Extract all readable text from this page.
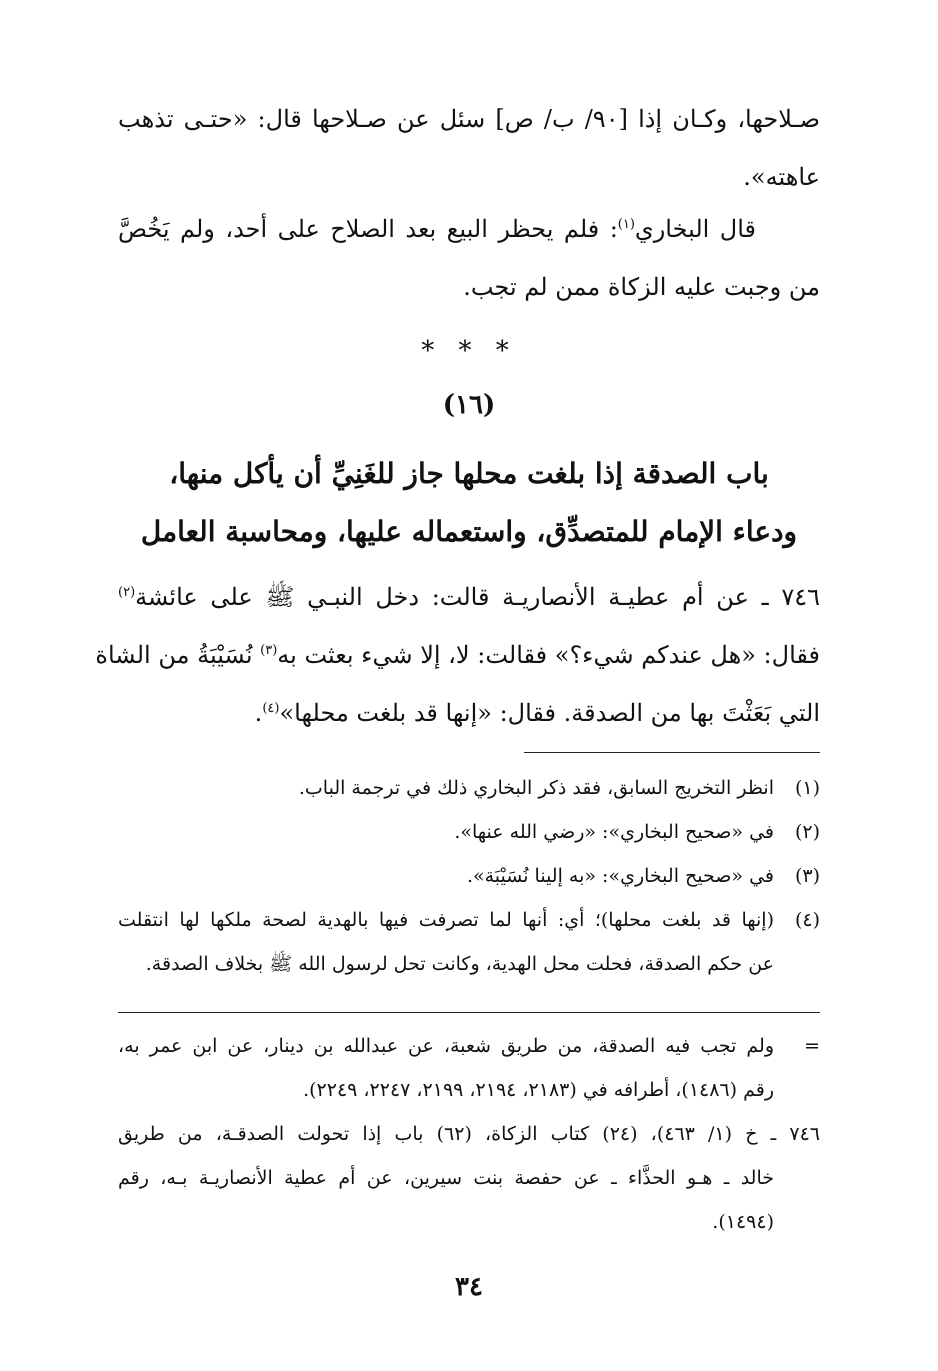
صـلاحها، وكـان إذا [٩٠/ ب/ ص] سئل عن صـلاحها قال: «حتـى تذهب
عاهته».
قال البخاري$^{(١)}$: فلم يحظر البيع بعد الصلاح على أحد، ولم يَخُصَّ
من وجبت عليه الزكاة ممن لم تجب.
* * *
(١٦)
باب الصدقة إذا بلغت محلها جاز للغَنِيِّ أن يأكل منها،
ودعاء الإمام للمتصدِّق، واستعماله عليها، ومحاسبة العامل
٧٤٦ ـ عن أم عطيـة الأنصاريـة قالت: دخل النبـي ﷺ على عائشة$^{(٢)}$
فقال: «هل عندكم شيء؟» فقالت: لا، إلا شيء بعثت به$^{(٣)}$ نُسَيْبَةُ من الشاة
التي بَعَثْتَ بها من الصدقة. فقال: «إنها قد بلغت محلها»$^{(٤)}$.
(١)
انظر التخريج السابق، فقد ذكر البخاري ذلك في ترجمة الباب.
(٢)
في «صحيح البخاري»: «رضي الله عنها».
(٣)
في «صحيح البخاري»: «به إلينا نُسَيْبَة».
(٤)
(إنها قد بلغت محلها)؛ أي: أنها لما تصرفت فيها بالهدية لصحة ملكها لها انتقلت
عن حكم الصدقة، فحلت محل الهدية، وكانت تحل لرسول الله ﷺ بخلاف الصدقة.
=ولم تجب فيه الصدقة، من طريق شعبة، عن عبدالله بن دينار، عن ابن عمر به،
رقم (١٤٨٦)، أطرافه في (٢١٨٣، ٢١٩٤، ٢١٩٩، ٢٢٤٧، ٢٢٤٩).
٧٤٦ ـ خ (١/ ٤٦٣)، (٢٤) كتاب الزكاة، (٦٢) باب إذا تحولت الصدقـة، من طريق
خالد ـ هـو الحذَّاء ـ عن حفصة بنت سيرين، عن أم عطية الأنصاريـة بـه، رقم
(١٤٩٤).
٣٤
